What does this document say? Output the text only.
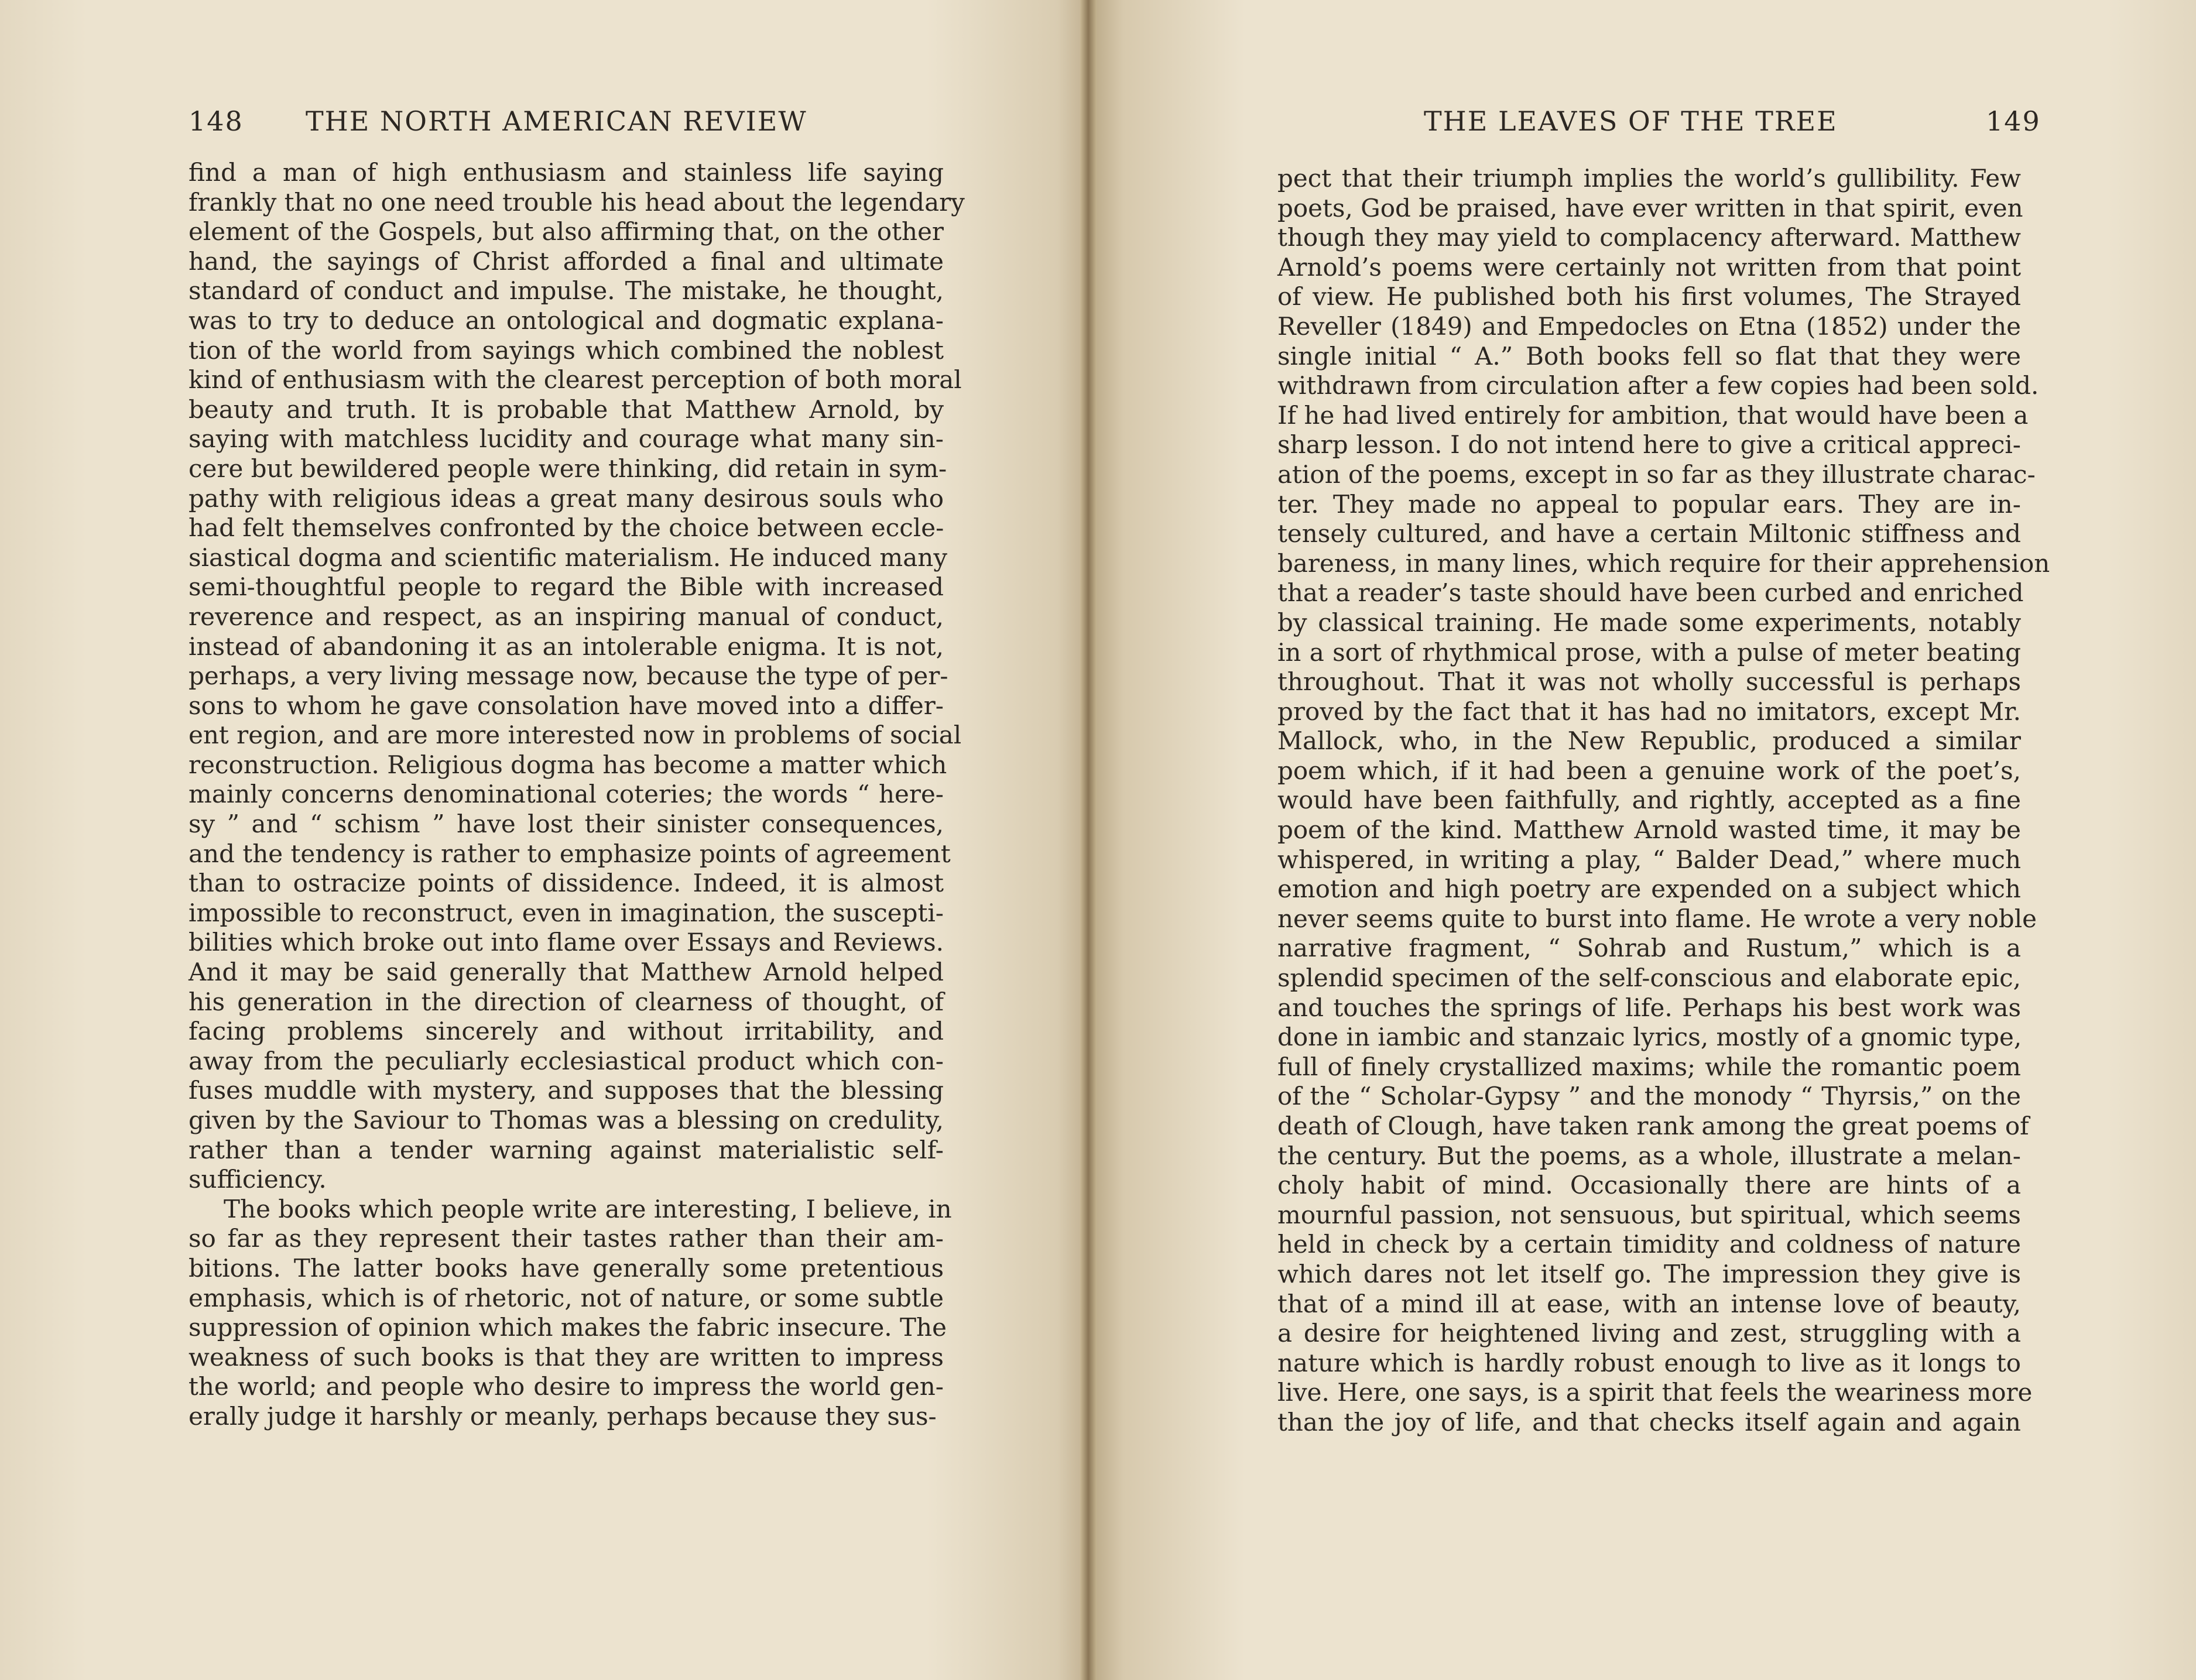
148 THE NORTH AMERICAN REVIEW	THE LEAVES OF THE TREE	149
find a man of high enthusiasm and stainless life saying
frankly that no one need trouble his head about the legendary
element of the Gospels, but also affirming that, on the other
hand, the sayings of Christ afforded a final and ultimate
standard of conduct and impulse. The mistake, he thought,
was to try to deduce an ontological and dogmatic explana-
tion of the world from sayings which combined the noblest
kind of enthusiasm with the clearest perception of both moral
beauty and truth. It is probable that Matthew Arnold, by
saying with matchless lucidity and courage what many sin-
cere but bewildered people were thinking, did retain in sym-
pathy with religious ideas a great many desirous souls who
had felt themselves confronted by the choice between eccle-
siastical dogma and scientific materialism. He induced many
semi-thoughtful people to regard the Bible with increased
reverence and respect, as an inspiring manual of conduct,
instead of abandoning it as an intolerable enigma. It is not,
perhaps, a very living message now, because the type of per-
sons to whom he gave consolation have moved into a differ-
ent region, and are more interested now in problems of social
reconstruction. Religious dogma has become a matter which
mainly concerns denominational coteries; the words “ here-
sy ” and “ schism ” have lost their sinister consequences,
and the tendency is rather to emphasize points of agreement
than to ostracize points of dissidence. Indeed, it is almost
impossible to reconstruct, even in imagination, the suscepti-
bilities which broke out into flame over Essays and Reviews.
And it may be said generally that Matthew Arnold helped
his generation in the direction of clearness of thought, of
facing problems sincerely and without irritability, and
away from the peculiarly ecclesiastical product which con-
fuses muddle with mystery, and supposes that the blessing
given by the Saviour to Thomas was a blessing on credulity,
rather than a tender warning against materialistic self-
sufficiency.
The books which people write are interesting, I believe, in
so far as they represent their tastes rather than their am-
bitions. The latter books have generally some pretentious
emphasis, which is of rhetoric, not of nature, or some subtle
suppression of opinion which makes the fabric insecure. The
weakness of such books is that they are written to impress
the world; and people who desire to impress the world gen-
erally judge it harshly or meanly, perhaps because they sus-
pect that their triumph implies the world’s gullibility. Few
poets, God be praised, have ever written in that spirit, even
though they may yield to complacency afterward. Matthew
Arnold’s poems were certainly not written from that point
of view. He published both his first volumes, The Strayed
Reveller (1849) and Empedocles on Etna (1852) under the
single initial “ A.” Both books fell so flat that they were
withdrawn from circulation after a few copies had been sold.
If he had lived entirely for ambition, that would have been a
sharp lesson. I do not intend here to give a critical appreci-
ation of the poems, except in so far as they illustrate charac-
ter. They made no appeal to popular ears. They are in-
tensely cultured, and have a certain Miltonic stiffness and
bareness, in many lines, which require for their apprehension
that a reader’s taste should have been curbed and enriched
by classical training. He made some experiments, notably
in a sort of rhythmical prose, with a pulse of meter beating
throughout. That it was not wholly successful is perhaps
proved by the fact that it has had no imitators, except Mr.
Mallock, who, in the New Republic, produced a similar
poem which, if it had been a genuine work of the poet’s,
would have been faithfully, and rightly, accepted as a fine
poem of the kind. Matthew Arnold wasted time, it may be
whispered, in writing a play, “ Balder Dead,” where much
emotion and high poetry are expended on a subject which
never seems quite to burst into flame. He wrote a very noble
narrative fragment, “ Sohrab and Rustum,” which is a
splendid specimen of the self-conscious and elaborate epic,
and touches the springs of life. Perhaps his best work was
done in iambic and stanzaic lyrics, mostly of a gnomic type,
full of finely crystallized maxims; while the romantic poem
of the “ Scholar-Gypsy ” and the monody “ Thyrsis,” on the
death of Clough, have taken rank among the great poems of
the century. But the poems, as a whole, illustrate a melan-
choly habit of mind. Occasionally there are hints of a
mournful passion, not sensuous, but spiritual, which seems
held in check by a certain timidity and coldness of nature
which dares not let itself go. The impression they give is
that of a mind ill at ease, with an intense love of beauty,
a desire for heightened living and zest, struggling with a
nature which is hardly robust enough to live as it longs to
live. Here, one says, is a spirit that feels the weariness more
than the joy of life, and that checks itself again and again
